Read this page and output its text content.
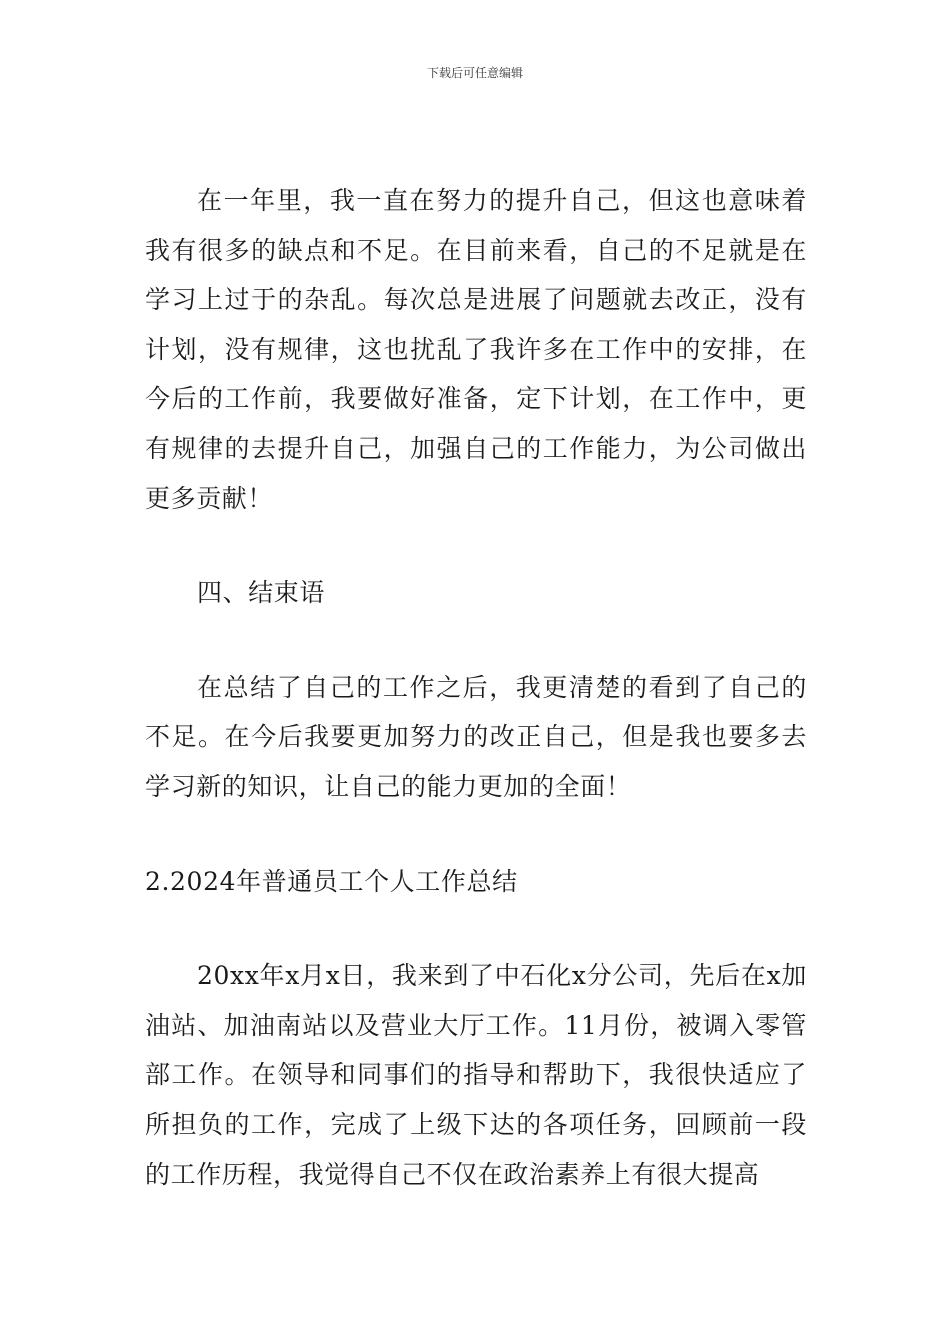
下载后可任意编辑

在一年里，我一直在努力的提升自己，但这也意味着我有很多的缺点和不足。在目前来看，自己的不足就是在学习上过于的杂乱。每次总是进展了问题就去改正，没有计划，没有规律，这也扰乱了我许多在工作中的安排，在今后的工作前，我要做好准备，定下计划，在工作中，更有规律的去提升自己，加强自己的工作能力，为公司做出更多贡献！

四、结束语

在总结了自己的工作之后，我更清楚的看到了自己的不足。在今后我要更加努力的改正自己，但是我也要多去学习新的知识，让自己的能力更加的全面！

2.2024年普通员工个人工作总结

20xx年x月x日，我来到了中石化x分公司，先后在x加油站、加油南站以及营业大厅工作。11月份，被调入零管部工作。在领导和同事们的指导和帮助下，我很快适应了所担负的工作，完成了上级下达的各项任务，回顾前一段的工作历程，我觉得自己不仅在政治素养上有很大提高
